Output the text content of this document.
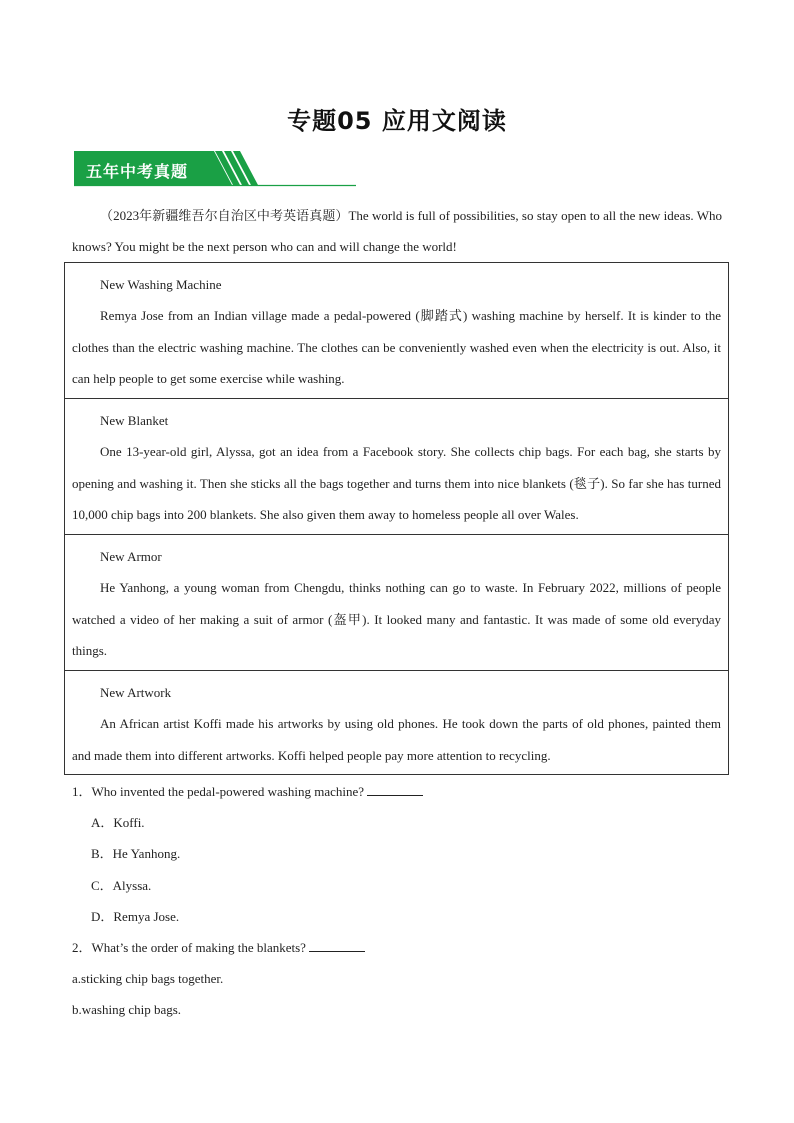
专题05 应用文阅读
五年中考真题
（2023年新疆维吾尔自治区中考英语真题）The world is full of possibilities, so stay open to all the new ideas. Who knows? You might be the next person who can and will change the world!
New Washing Machine
Remya Jose from an Indian village made a pedal-powered (脚踏式) washing machine by herself. It is kinder to the clothes than the electric washing machine. The clothes can be conveniently washed even when the electricity is out. Also, it can help people to get some exercise while washing.
New Blanket
One 13-year-old girl, Alyssa, got an idea from a Facebook story. She collects chip bags. For each bag, she starts by opening and washing it. Then she sticks all the bags together and turns them into nice blankets (毯子). So far she has turned 10,000 chip bags into 200 blankets. She also given them away to homeless people all over Wales.
New Armor
He Yanhong, a young woman from Chengdu, thinks nothing can go to waste. In February 2022, millions of people watched a video of her making a suit of armor (盔甲). It looked many and fantastic. It was made of some old everyday things.
New Artwork
An African artist Koffi made his artworks by using old phones. He took down the parts of old phones, painted them and made them into different artworks. Koffi helped people pay more attention to recycling.
1．Who invented the pedal-powered washing machine?
A．Koffi.
B．He Yanhong.
C．Alyssa.
D．Remya Jose.
2．What’s the order of making the blankets?
a.sticking chip bags together.
b.washing chip bags.
